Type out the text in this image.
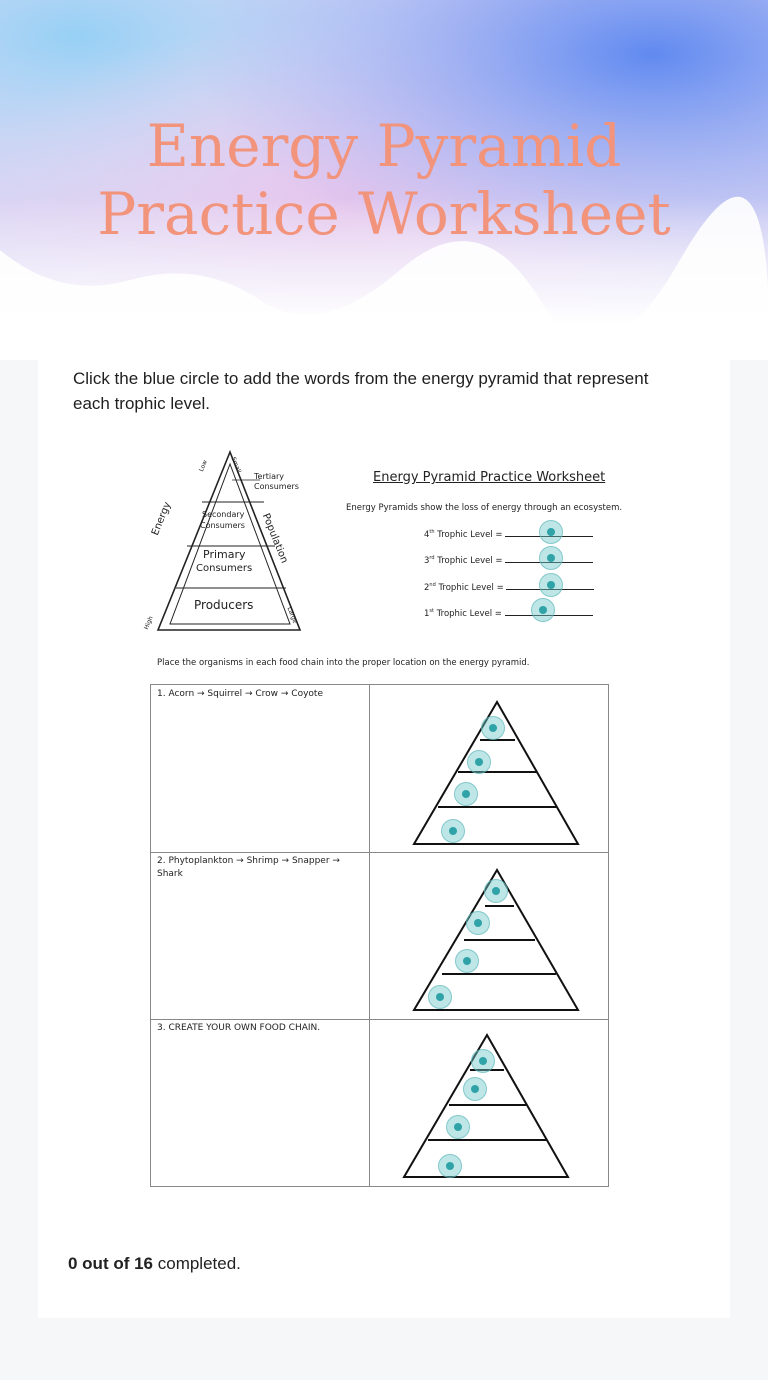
Energy Pyramid
Practice Worksheet
Click the blue circle to add the words from the energy pyramid that represent each trophic level.
Tertiary Consumers
Secondary
Consumers
Primary
Consumers
Producers
Energy	Population
Low	Small
High	Large
Energy Pyramid Practice Worksheet
Energy Pyramids show the loss of energy through an ecosystem.
4th Trophic Level =
3rd Trophic Level =
2nd Trophic Level =
1st Trophic Level =
Place the organisms in each food chain into the proper location on the energy pyramid.
1. Acorn → Squirrel → Crow → Coyote
2. Phytoplankton → Shrimp → Snapper → Shark
3. CREATE YOUR OWN FOOD CHAIN.
0 out of 16 completed.
